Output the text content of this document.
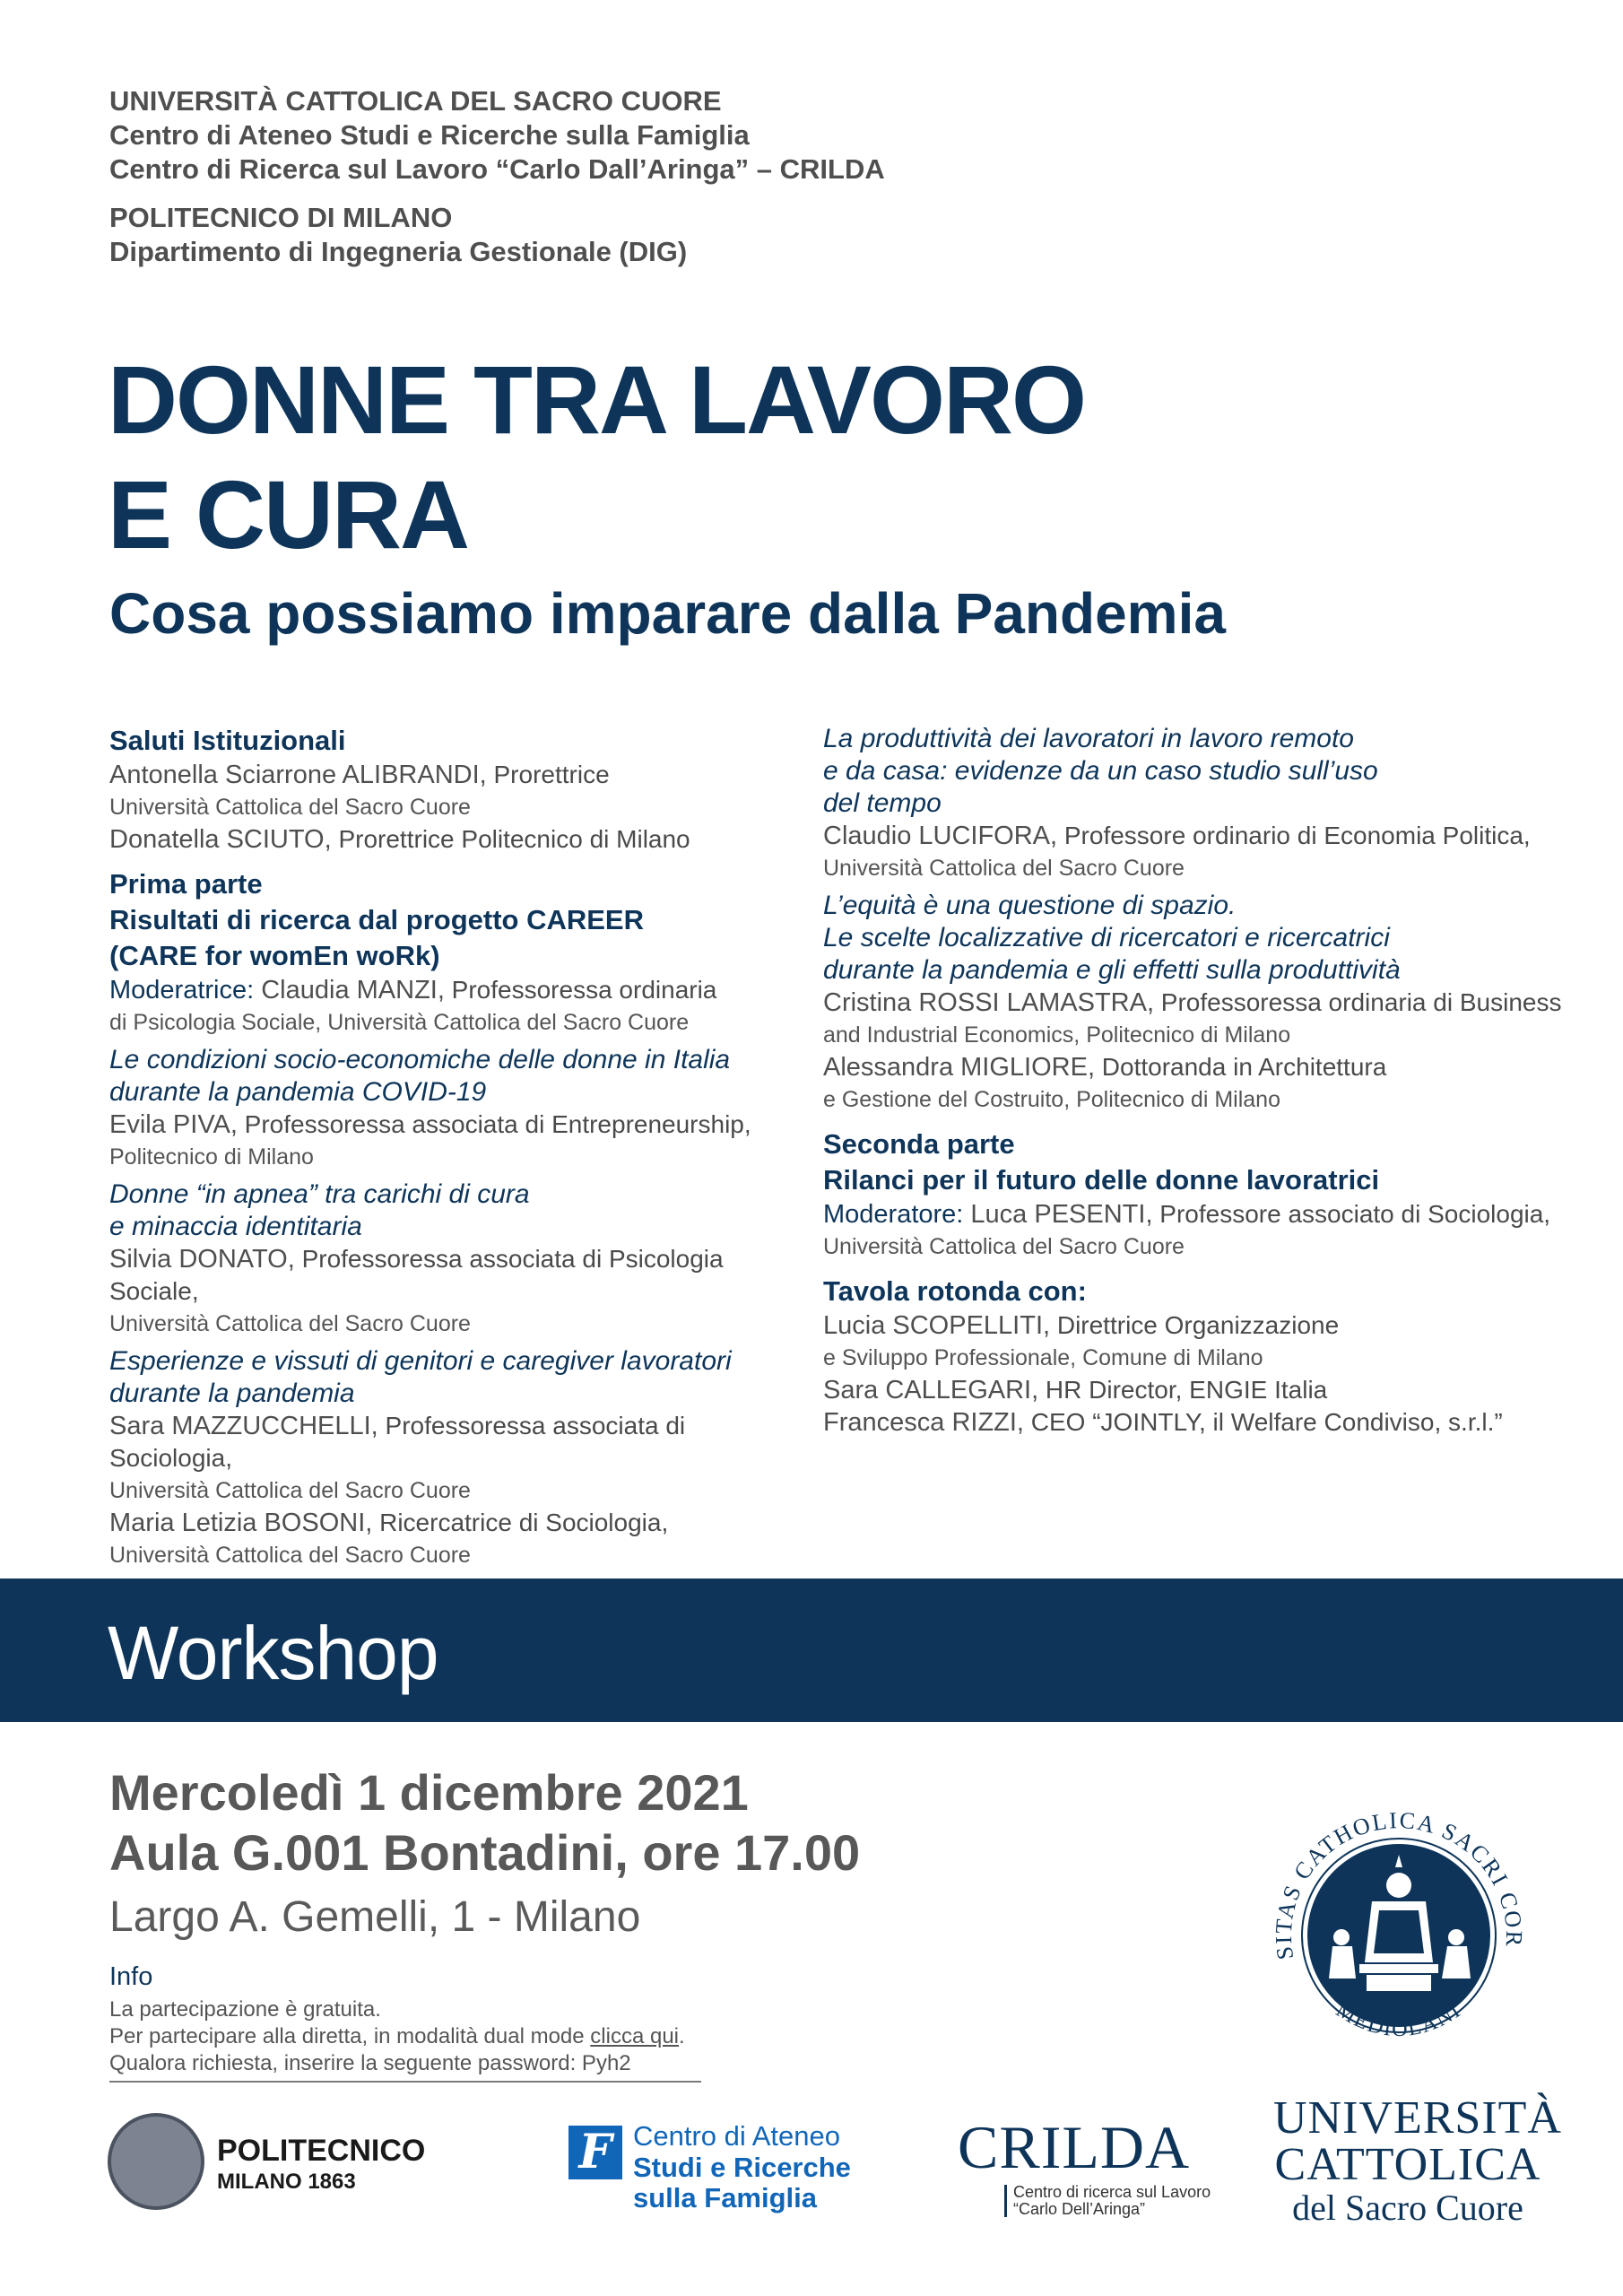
UNIVERSITÀ CATTOLICA DEL SACRO CUORE
Centro di Ateneo Studi e Ricerche sulla Famiglia
Centro di Ricerca sul Lavoro “Carlo Dall’Aringa” – CRILDA
POLITECNICO DI MILANO
Dipartimento di Ingegneria Gestionale (DIG)
DONNE TRA LAVORO
E CURA
Cosa possiamo imparare dalla Pandemia
Saluti Istituzionali
Antonella Sciarrone ALIBRANDI, Prorettrice
Università Cattolica del Sacro Cuore
Donatella SCIUTO, Prorettrice Politecnico di Milano
Prima parte
Risultati di ricerca dal progetto CAREER
(CARE for womEn woRk)
Moderatrice: Claudia MANZI, Professoressa ordinaria
di Psicologia Sociale, Università Cattolica del Sacro Cuore
Le condizioni socio-economiche delle donne in Italia
durante la pandemia COVID-19
Evila PIVA, Professoressa associata di Entrepreneurship,
Politecnico di Milano
Donne “in apnea” tra carichi di cura
e minaccia identitaria
Silvia DONATO, Professoressa associata di Psicologia Sociale,
Università Cattolica del Sacro Cuore
Esperienze e vissuti di genitori e caregiver lavoratori
durante la pandemia
Sara MAZZUCCHELLI, Professoressa associata di Sociologia,
Università Cattolica del Sacro Cuore
Maria Letizia BOSONI, Ricercatrice di Sociologia,
Università Cattolica del Sacro Cuore
La produttività dei lavoratori in lavoro remoto
e da casa: evidenze da un caso studio sull’uso
del tempo
Claudio LUCIFORA, Professore ordinario di Economia Politica,
Università Cattolica del Sacro Cuore
L’equità è una questione di spazio.
Le scelte localizzative di ricercatori e ricercatrici
durante la pandemia e gli effetti sulla produttività
Cristina ROSSI LAMASTRA, Professoressa ordinaria di Business
and Industrial Economics, Politecnico di Milano
Alessandra MIGLIORE, Dottoranda in Architettura
e Gestione del Costruito, Politecnico di Milano
Seconda parte
Rilanci per il futuro delle donne lavoratrici
Moderatore: Luca PESENTI, Professore associato di Sociologia,
Università Cattolica del Sacro Cuore
Tavola rotonda con:
Lucia SCOPELLITI, Direttrice Organizzazione
e Sviluppo Professionale, Comune di Milano
Sara CALLEGARI, HR Director, ENGIE Italia
Francesca RIZZI, CEO “JOINTLY, il Welfare Condiviso, s.r.l.”
Workshop
Mercoledì 1 dicembre 2021
Aula G.001 Bontadini, ore 17.00
Largo A. Gemelli, 1 - Milano
Info
La partecipazione è gratuita.
Per partecipare alla diretta, in modalità dual mode clicca qui.
Qualora richiesta, inserire la seguente password: Pyh2
SITAS CATHOLICA SACRI COR
MEDIOLANI
POLITECNICO
MILANO 1863
F Centro di Ateneo
Studi e Ricerche
sulla Famiglia
CRILDA
Centro di ricerca sul Lavoro
“Carlo Dell’Aringa”
UNIVERSITÀ
CATTOLICA
del Sacro Cuore
